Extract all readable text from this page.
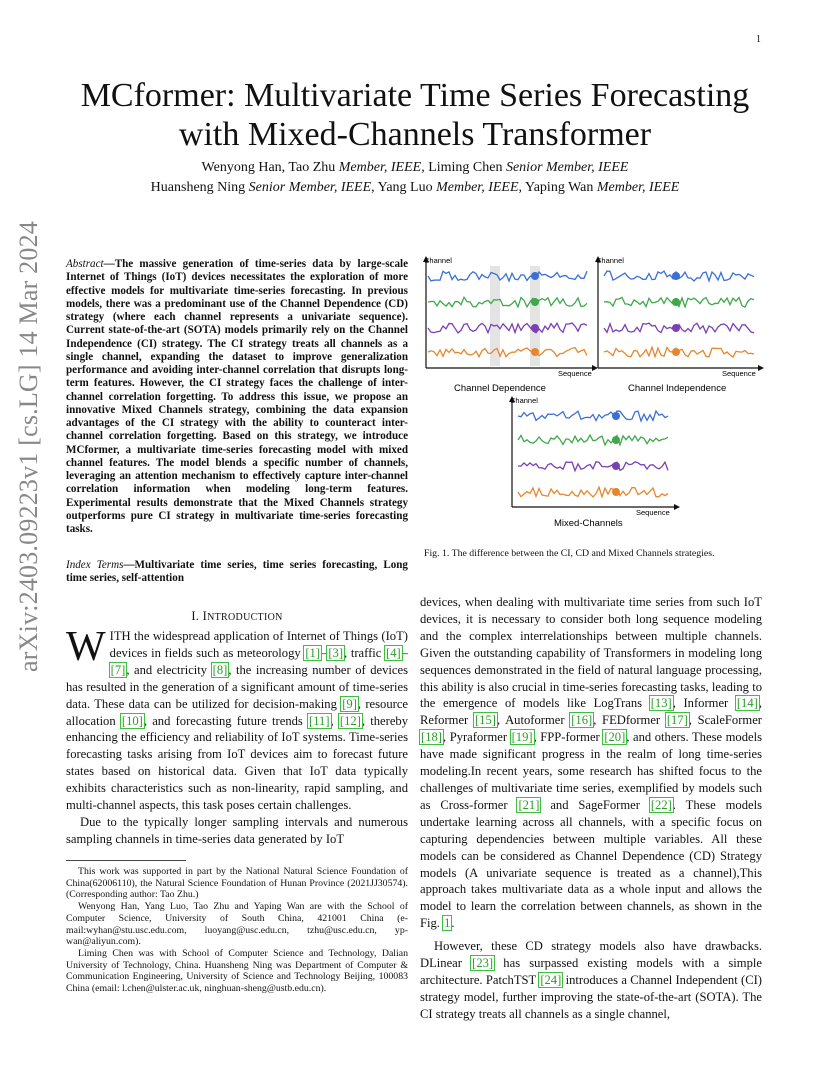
1
arXiv:2403.09223v1 [cs.LG] 14 Mar 2024
MCformer: Multivariate Time Series Forecasting
with Mixed-Channels Transformer
Wenyong Han, Tao Zhu Member, IEEE, Liming Chen Senior Member, IEEE
Huansheng Ning Senior Member, IEEE, Yang Luo Member, IEEE, Yaping Wan Member, IEEE
Abstract—The massive generation of time-series data by large-scale Internet of Things (IoT) devices necessitates the exploration of more effective models for multivariate time-series forecasting. In previous models, there was a predominant use of the Channel Dependence (CD) strategy (where each channel represents a univariate sequence). Current state-of-the-art (SOTA) models primarily rely on the Channel Independence (CI) strategy. The CI strategy treats all channels as a single channel, expanding the dataset to improve generalization performance and avoiding inter-channel correlation that disrupts long-term features. However, the CI strategy faces the challenge of inter-channel correlation forgetting. To address this issue, we propose an innovative Mixed Channels strategy, combining the data expansion advantages of the CI strategy with the ability to counteract inter-channel correlation forgetting. Based on this strategy, we introduce MCformer, a multivariate time-series forecasting model with mixed channel features. The model blends a specific number of channels, leveraging an attention mechanism to effectively capture inter-channel correlation information when modeling long-term features. Experimental results demonstrate that the Mixed Channels strategy outperforms pure CI strategy in multivariate time-series forecasting tasks.
Index Terms—Multivariate time series, time series forecasting, Long time series, self-attention
I. INTRODUCTION

WITH the widespread application of Internet of Things (IoT) devices in fields such as meteorology [1]–[3], traffic [4]–[7], and electricity [8], the increasing number of devices has resulted in the generation of a significant amount of time-series data. These data can be utilized for decision-making [9], resource allocation [10], and forecasting future trends [11], [12], thereby enhancing the efficiency and reliability of IoT systems. Time-series forecasting tasks arising from IoT devices aim to forecast future states based on historical data. Given that IoT data typically exhibits characteristics such as non-linearity, rapid sampling, and multi-channel aspects, this task poses certain challenges.

Due to the typically longer sampling intervals and numerous sampling channels in time-series data generated by IoT

This work was supported in part by the National Natural Science Foundation of China(62006110), the Natural Science Foundation of Hunan Province (2021JJ30574). (Corresponding author: Tao Zhu.)

Wenyong Han, Yang Luo, Tao Zhu and Yaping Wan are with the School of Computer Science, University of South China, 421001 China (e-mail:wyhan@stu.usc.edu.com, luoyang@usc.edu.cn, tzhu@usc.edu.cn, yp-wan@aliyun.com).

Liming Chen was with School of Computer Science and Technology, Dalian University of Technology, China. Huansheng Ning was Department of Computer & Communication Engineering, University of Science and Technology Beijing, 100083 China (email: l.chen@ulster.ac.uk, ninghuan-sheng@ustb.edu.cn).

Channel
Sequence
Channel Dependence
Channel
Sequence
Channel Independence
Channel
Sequence
Mixed-Channels
Fig. 1. The difference between the CI, CD and Mixed Channels strategies.

devices, when dealing with multivariate time series from such IoT devices, it is necessary to consider both long sequence modeling and the complex interrelationships between multiple channels. Given the outstanding capability of Transformers in modeling long sequences demonstrated in the field of natural language processing, this ability is also crucial in time-series forecasting tasks, leading to the emergence of models like LogTrans [13], Informer [14], Reformer [15], Autoformer [16], FEDformer [17], ScaleFormer [18], Pyraformer [19], FPP-former [20], and others. These models have made significant progress in the realm of long time-series modeling.In recent years, some research has shifted focus to the challenges of multivariate time series, exemplified by models such as Cross-former [21] and SageFormer [22]. These models undertake learning across all channels, with a specific focus on capturing dependencies between multiple variables. All these models can be considered as Channel Dependence (CD) Strategy models (A univariate sequence is treated as a channel),This approach takes multivariate data as a whole input and allows the model to learn the correlation between channels, as shown in the Fig. 1.

However, these CD strategy models also have drawbacks. DLinear [23] has surpassed existing models with a simple architecture. PatchTST [24] introduces a Channel Independent (CI) strategy model, further improving the state-of-the-art (SOTA). The CI strategy treats all channels as a single channel,
